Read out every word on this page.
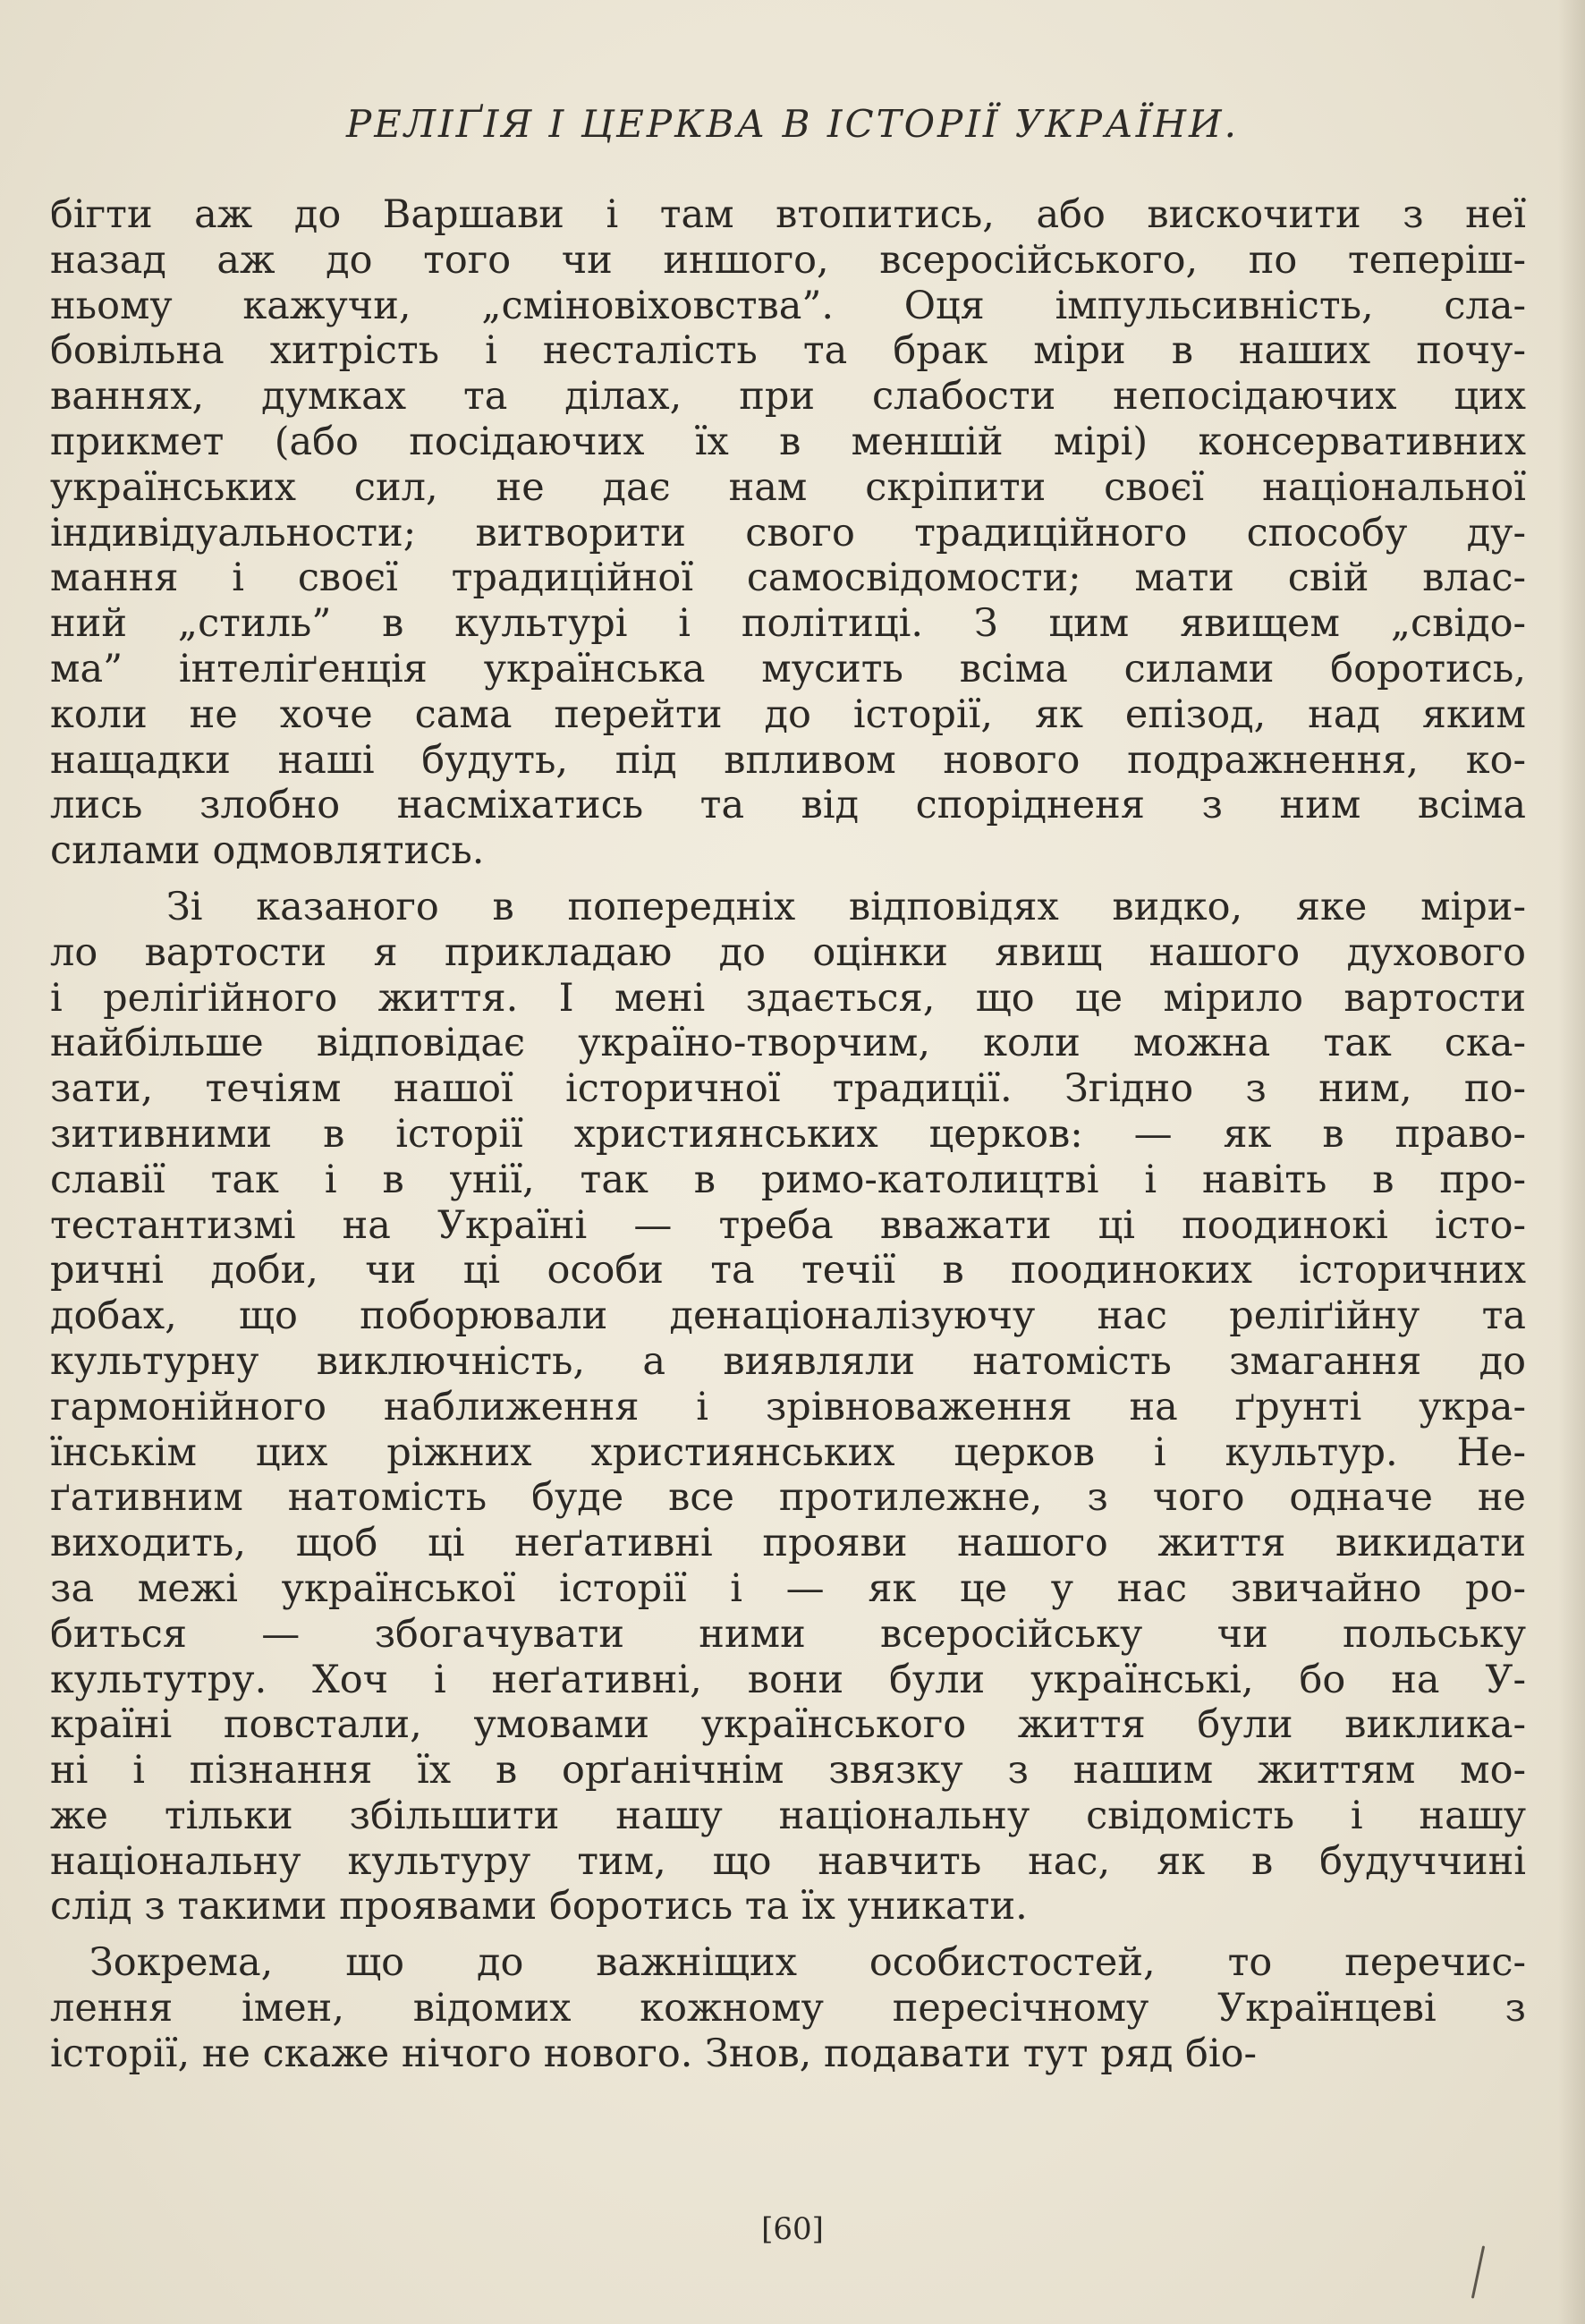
РЕЛІҐІЯ І ЦЕРКВА В ІСТОРІЇ УКРАЇНИ.

бігти аж до Варшави і там втопитись, або вискочити з неї
назад аж до того чи иншого, всеросійського, по теперіш-
ньому кажучи, „сміновіховства”. Оця імпульсивність, сла-
бовільна хитрість і несталість та брак міри в наших почу-
ваннях, думках та ділах, при слабости непосідаючих цих
прикмет (або посідаючих їх в меншій мірі) консервативних
українських сил, не дає нам скріпити своєї національної
індивідуальности; витворити свого традиційного способу ду-
мання і своєї традиційної самосвідомости; мати свій влас-
ний „стиль” в культурі і політиці. З цим явищем „свідо-
ма” інтеліґенція українська мусить всіма силами боротись,
коли не хоче сама перейти до історії, як епізод, над яким
нащадки наші будуть, під впливом нового подражнення, ко-
лись злобно насміхатись та від спорідненя з ним всіма
силами одмовлятись.

Зі казаного в попередніх відповідях видко, яке міри-
ло вартости я прикладаю до оцінки явищ нашого духового
і реліґійного життя. І мені здається, що це мірило вартости
найбільше відповідає україно-творчим, коли можна так ска-
зати, течіям нашої історичної традиції. Згідно з ним, по-
зитивними в історії християнських церков: — як в право-
славії так і в унії, так в римо-католицтві і навіть в про-
тестантизмі на Україні — треба вважати ці поодинокі істо-
ричні доби, чи ці особи та течії в поодиноких історичних
добах, що поборювали денаціоналізуючу нас реліґійну та
культурну виключність, а виявляли натомість змагання до
гармонійного наближення і зрівноваження на ґрунті укра-
їнськім цих ріжних християнських церков і культур. Не-
ґативним натомість буде все протилежне, з чого одначе не
виходить, щоб ці неґативні прояви нашого життя викидати
за межі української історії і — як це у нас звичайно ро-
биться — збогачувати ними всеросійську чи польську
культутру. Хоч і неґативні, вони були українські, бо на У-
країні повстали, умовами українського життя були виклика-
ні і пізнання їх в орґанічнім звязку з нашим життям мо-
же тільки збільшити нашу національну свідомість і нашу
національну культуру тим, що навчить нас, як в будуччині
слід з такими проявами боротись та їх уникати.

Зокрема, що до важніщих особистостей, то перечис-
лення імен, відомих кожному пересічному Українцеві з
історії, не скаже нічого нового. Знов, подавати тут ряд біо-

[60]
